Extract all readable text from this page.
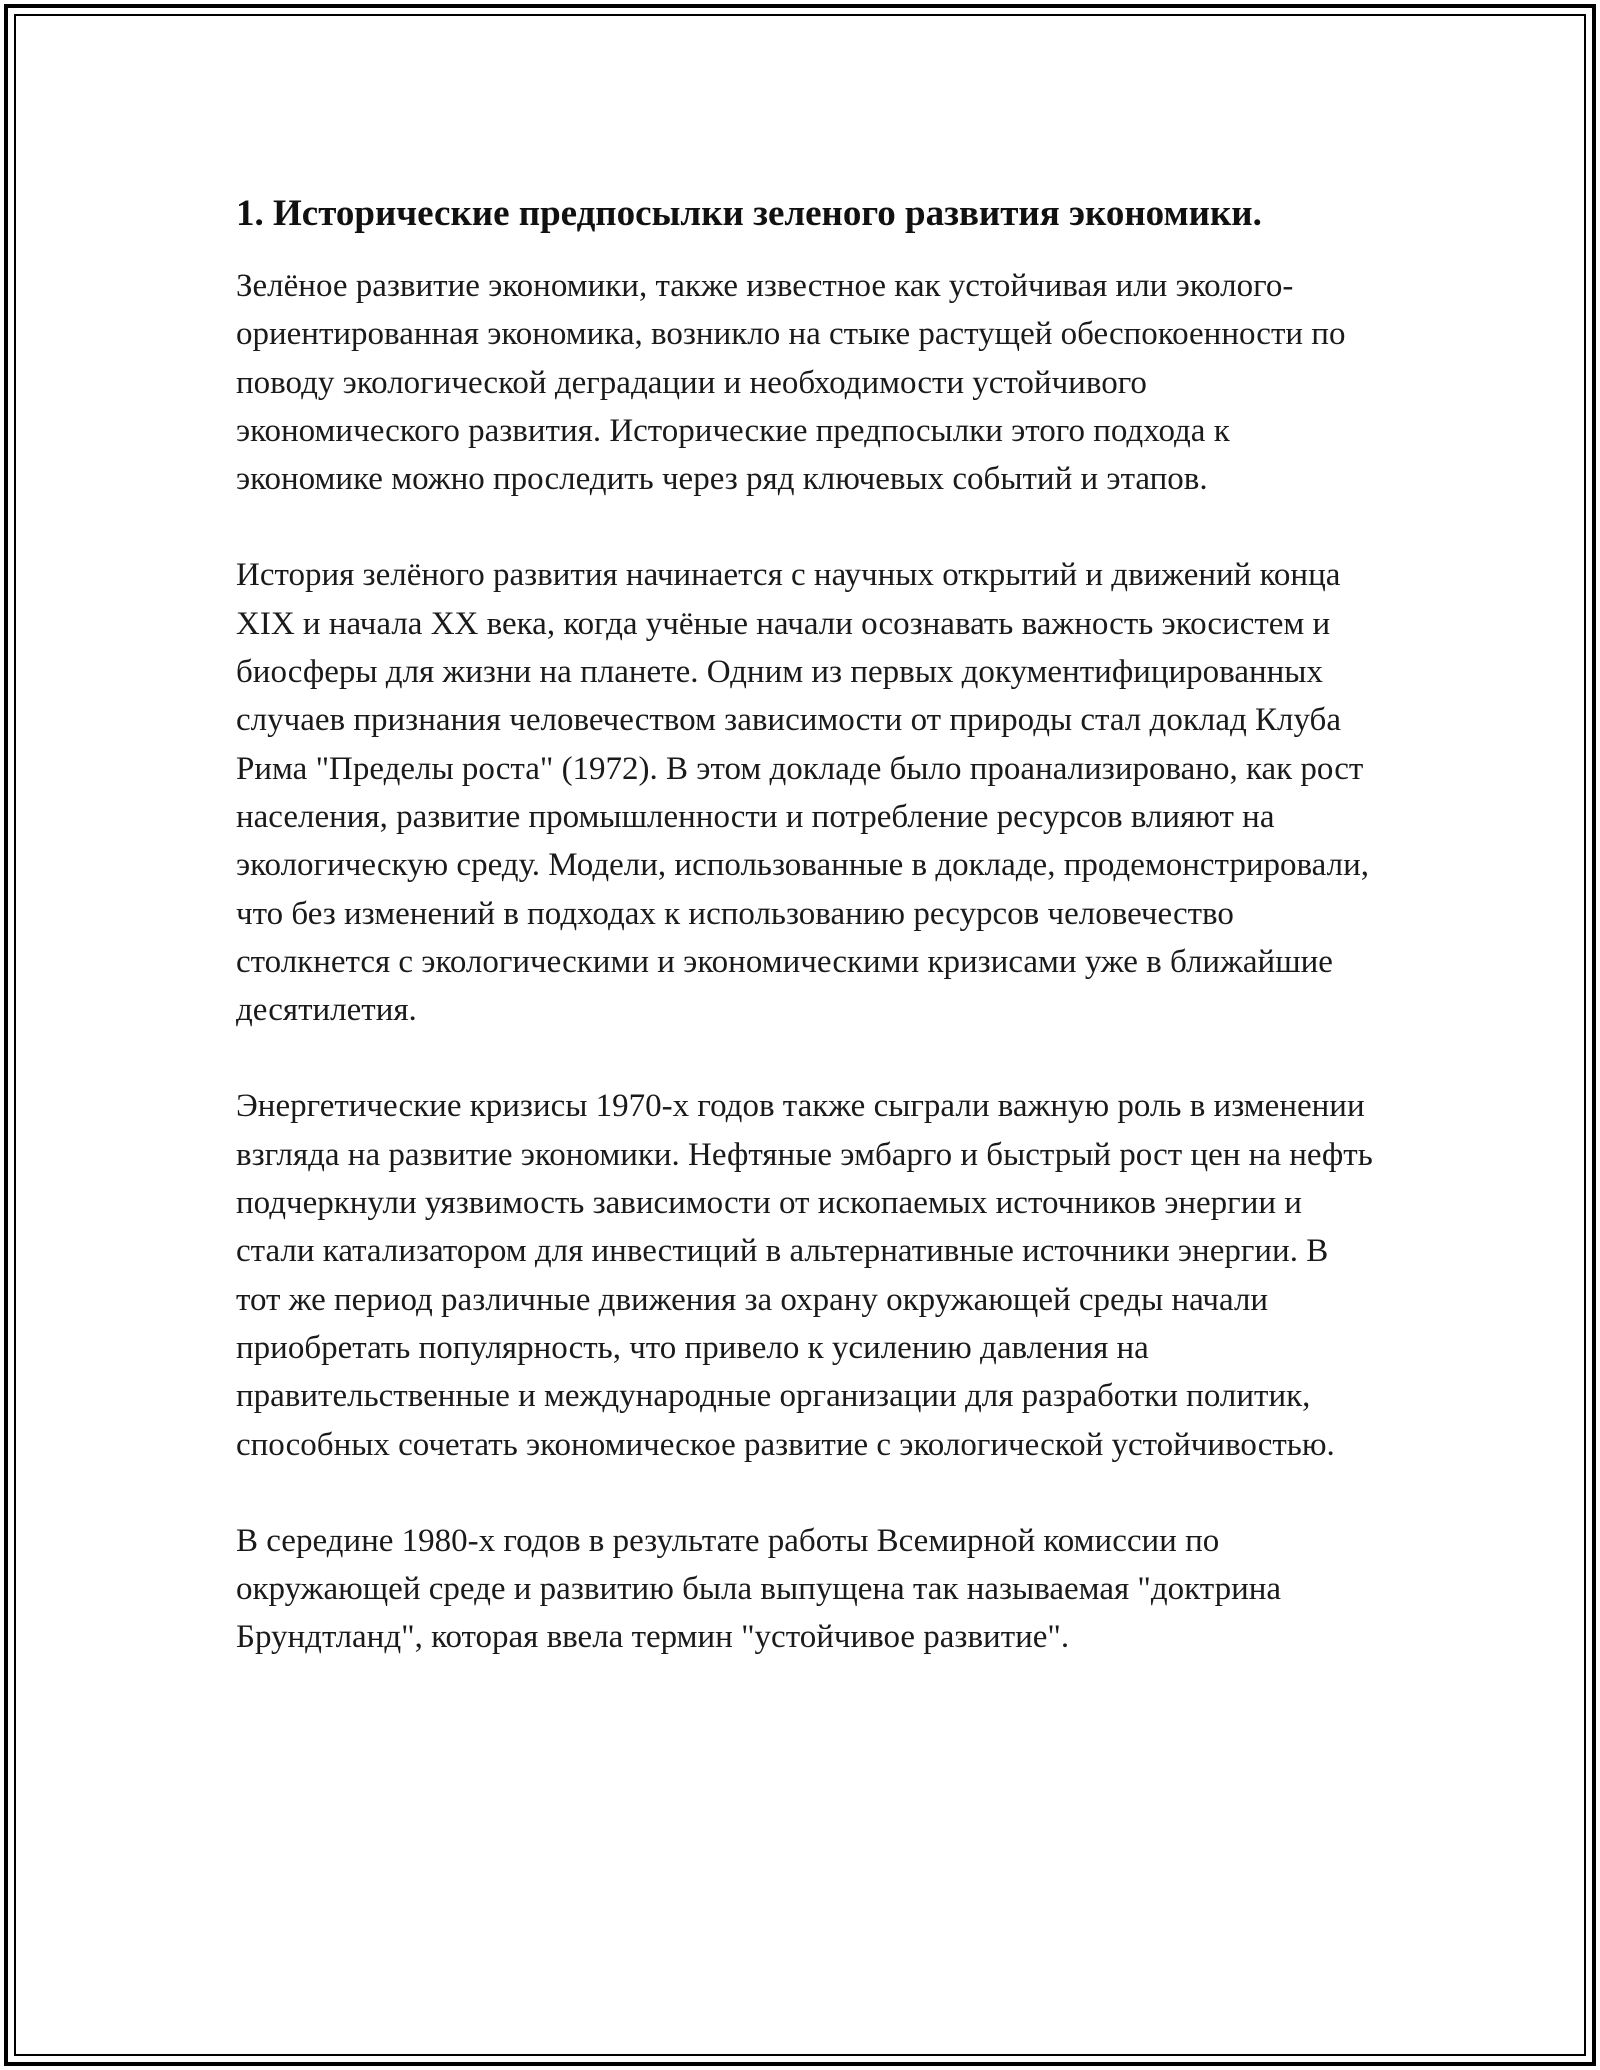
1. Исторические предпосылки зеленого развития экономики.

Зелёное развитие экономики, также известное как устойчивая или эколого-ориентированная экономика, возникло на стыке растущей обеспокоенности по поводу экологической деградации и необходимости устойчивого экономического развития. Исторические предпосылки этого подхода к экономике можно проследить через ряд ключевых событий и этапов.

История зелёного развития начинается с научных открытий и движений конца XIX и начала XX века, когда учёные начали осознавать важность экосистем и биосферы для жизни на планете. Одним из первых документифицированных случаев признания человечеством зависимости от природы стал доклад Клуба Рима "Пределы роста" (1972). В этом докладе было проанализировано, как рост населения, развитие промышленности и потребление ресурсов влияют на экологическую среду. Модели, использованные в докладе, продемонстрировали, что без изменений в подходах к использованию ресурсов человечество столкнется с экологическими и экономическими кризисами уже в ближайшие десятилетия.

Энергетические кризисы 1970-х годов также сыграли важную роль в изменении взгляда на развитие экономики. Нефтяные эмбарго и быстрый рост цен на нефть подчеркнули уязвимость зависимости от ископаемых источников энергии и стали катализатором для инвестиций в альтернативные источники энергии. В тот же период различные движения за охрану окружающей среды начали приобретать популярность, что привело к усилению давления на правительственные и международные организации для разработки политик, способных сочетать экономическое развитие с экологической устойчивостью.

В середине 1980-х годов в результате работы Всемирной комиссии по окружающей среде и развитию была выпущена так называемая "доктрина Брундтланд", которая ввела термин "устойчивое развитие".
